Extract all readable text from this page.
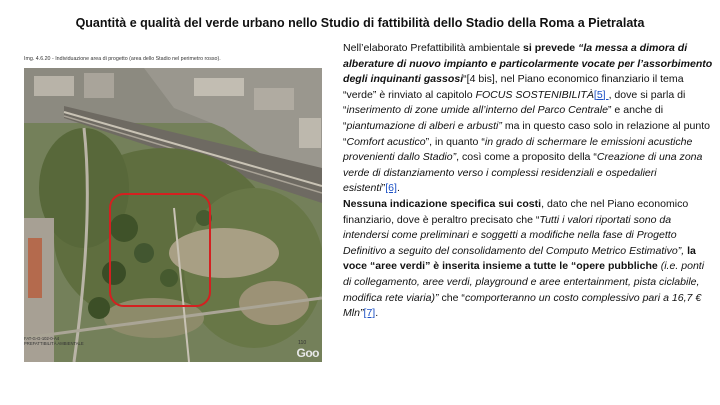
Quantità e qualità del verde urbano nello Studio di fattibilità dello Stadio della Roma a Pietralata
Img. 4.6.20 - Individuazione area di progetto (area dello Stadio nel perimetro rosso).
Goo
FAT-G-G-102-0-A4
PREFATTIBILITÀ AMBIENTALE	110

Nell’elaborato Prefattibilità ambientale si prevede “la messa a dimora di alberature di nuovo impianto e particolarmente vocate per l’assorbimento degli inquinanti gassosi“[4 bis], nel Piano economico finanziario il tema “verde” è rinviato al capitolo FOCUS SOSTENIBILITÀ[5] , dove si parla di “inserimento di zone umide all’interno del Parco Centrale” e anche di “piantumazione di alberi e arbusti” ma in questo caso solo in relazione al punto “Comfort acustico”, in quanto “in grado di schermare le emissioni acustiche provenienti dallo Stadio”, così come a proposito della “Creazione di una zona verde di distanziamento verso i complessi residenziali e ospedalieri esistenti”[6].

Nessuna indicazione specifica sui costi, dato che nel Piano economico finanziario, dove è peraltro precisato che “Tutti i valori riportati sono da intendersi come preliminari e soggetti a modifiche nella fase di Progetto Definitivo a seguito del consolidamento del Computo Metrico Estimativo”, la voce “aree verdi” è inserita insieme a tutte le “opere pubbliche (i.e. ponti di collegamento, aree verdi, playground e aree entertainment, pista ciclabile, modifica rete viaria)” che “comporteranno un costo complessivo pari a 16,7 € Mln”[7].
